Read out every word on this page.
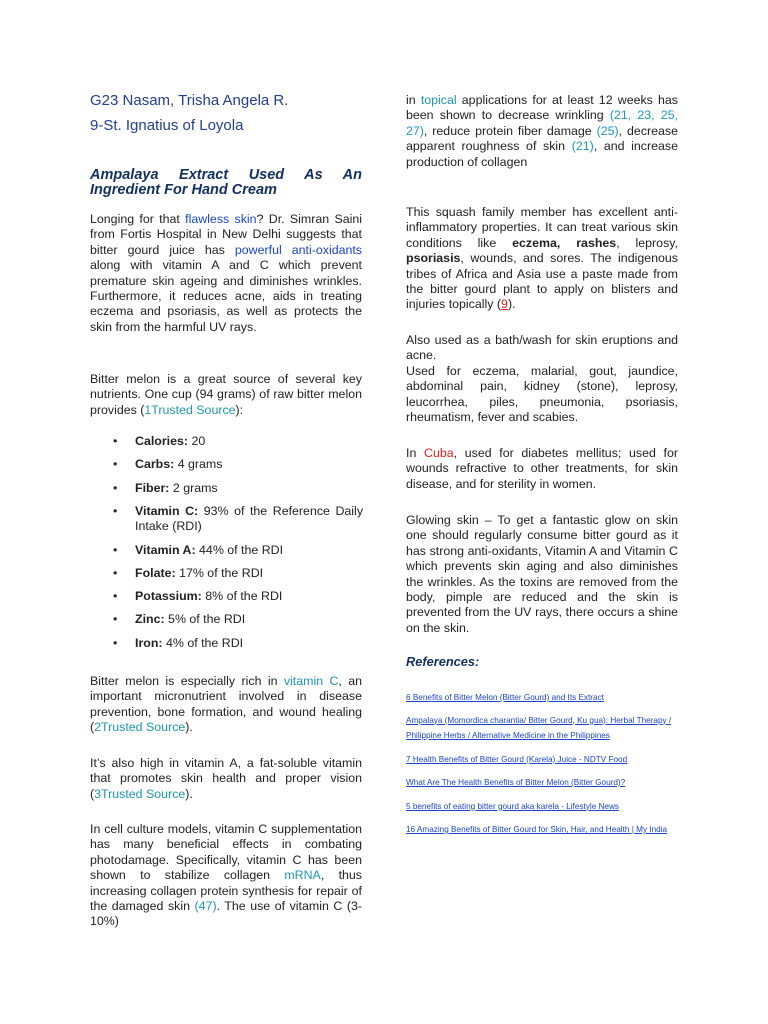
G23 Nasam, Trisha Angela R.
9-St. Ignatius of Loyola
Ampalaya Extract Used As An
Ingredient For Hand Cream

Longing for that flawless skin? Dr. Simran Saini from Fortis Hospital in New Delhi suggests that bitter gourd juice has powerful anti-oxidants along with vitamin A and C which prevent premature skin ageing and diminishes wrinkles. Furthermore, it reduces acne, aids in treating eczema and psoriasis, as well as protects the skin from the harmful UV rays.

Bitter melon is a great source of several key nutrients. One cup (94 grams) of raw bitter melon provides (1Trusted Source):

• Calories: 20
• Carbs: 4 grams
• Fiber: 2 grams
• Vitamin C: 93% of the Reference Daily Intake (RDI)
• Vitamin A: 44% of the RDI
• Folate: 17% of the RDI
• Potassium: 8% of the RDI
• Zinc: 5% of the RDI
• Iron: 4% of the RDI

Bitter melon is especially rich in vitamin C, an important micronutrient involved in disease prevention, bone formation, and wound healing (2Trusted Source).

It’s also high in vitamin A, a fat-soluble vitamin that promotes skin health and proper vision (3Trusted Source).

In cell culture models, vitamin C supplementation has many beneficial effects in combating photodamage. Specifically, vitamin C has been shown to stabilize collagen mRNA, thus increasing collagen protein synthesis for repair of the damaged skin (47). The use of vitamin C (3-10%)

in topical applications for at least 12 weeks has been shown to decrease wrinkling (21, 23, 25, 27), reduce protein fiber damage (25), decrease apparent roughness of skin (21), and increase production of collagen

This squash family member has excellent anti-inflammatory properties. It can treat various skin conditions like eczema, rashes, leprosy, psoriasis, wounds, and sores. The indigenous tribes of Africa and Asia use a paste made from the bitter gourd plant to apply on blisters and injuries topically (9).

Also used as a bath/wash for skin eruptions and acne.

Used for eczema, malarial, gout, jaundice, abdominal pain, kidney (stone), leprosy, leucorrhea, piles, pneumonia, psoriasis, rheumatism, fever and scabies.

In Cuba, used for diabetes mellitus; used for wounds refractive to other treatments, for skin disease, and for sterility in women.

Glowing skin – To get a fantastic glow on skin one should regularly consume bitter gourd as it has strong anti-oxidants, Vitamin A and Vitamin C which prevents skin aging and also diminishes the wrinkles. As the toxins are removed from the body, pimple are reduced and the skin is prevented from the UV rays, there occurs a shine on the skin.

References:
6 Benefits of Bitter Melon (Bitter Gourd) and Its Extract
Ampalaya (Momordica charantia/ Bitter Gourd, Ku gua): Herbal Therapy / Philippine Herbs / Alternative Medicine in the Philippines
7 Health Benefits of Bitter Gourd (Karela) Juice - NDTV Food
What Are The Health Benefits of Bitter Melon (Bitter Gourd)?
5 benefits of eating bitter gourd aka karela - Lifestyle News
16 Amazing Benefits of Bitter Gourd for Skin, Hair, and Health | My India
